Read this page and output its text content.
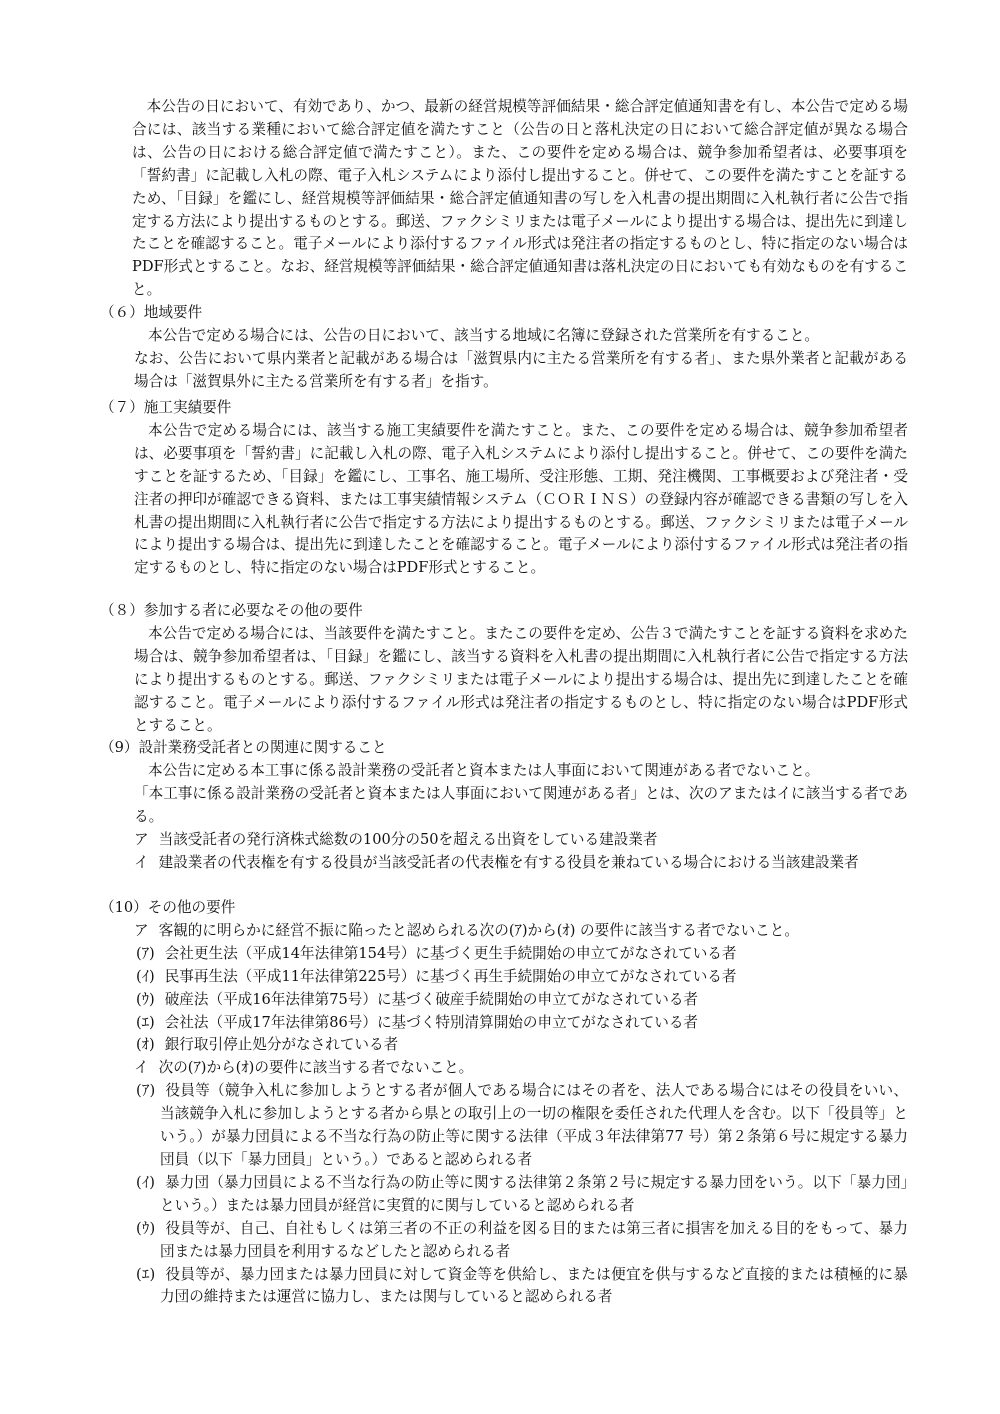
本公告の日において、有効であり、かつ、最新の経営規模等評価結果・総合評定値通知書を有し、本公告で定める場合には、該当する業種において総合評定値を満たすこと（公告の日と落札決定の日において総合評定値が異なる場合は、公告の日における総合評定値で満たすこと）。また、この要件を定める場合は、競争参加希望者は、必要事項を「誓約書」に記載し入札の際、電子入札システムにより添付し提出すること。併せて、この要件を満たすことを証するため、「目録」を鑑にし、経営規模等評価結果・総合評定値通知書の写しを入札書の提出期間に入札執行者に公告で指定する方法により提出するものとする。郵送、ファクシミリまたは電子メールにより提出する場合は、提出先に到達したことを確認すること。電子メールにより添付するファイル形式は発注者の指定するものとし、特に指定のない場合はPDF形式とすること。なお、経営規模等評価結果・総合評定値通知書は落札決定の日においても有効なものを有すること。

（６）地域要件

本公告で定める場合には、公告の日において、該当する地域に名簿に登録された営業所を有すること。

なお、公告において県内業者と記載がある場合は「滋賀県内に主たる営業所を有する者」、また県外業者と記載がある場合は「滋賀県外に主たる営業所を有する者」を指す。

（７）施工実績要件

本公告で定める場合には、該当する施工実績要件を満たすこと。また、この要件を定める場合は、競争参加希望者は、必要事項を「誓約書」に記載し入札の際、電子入札システムにより添付し提出すること。併せて、この要件を満たすことを証するため、「目録」を鑑にし、工事名、施工場所、受注形態、工期、発注機関、工事概要および発注者・受注者の押印が確認できる資料、または工事実績情報システム（ＣＯＲＩＮＳ）の登録内容が確認できる書類の写しを入札書の提出期間に入札執行者に公告で指定する方法により提出するものとする。郵送、ファクシミリまたは電子メールにより提出する場合は、提出先に到達したことを確認すること。電子メールにより添付するファイル形式は発注者の指定するものとし、特に指定のない場合はPDF形式とすること。

（８）参加する者に必要なその他の要件

本公告で定める場合には、当該要件を満たすこと。またこの要件を定め、公告３で満たすことを証する資料を求めた場合は、競争参加希望者は、「目録」を鑑にし、該当する資料を入札書の提出期間に入札執行者に公告で指定する方法により提出するものとする。郵送、ファクシミリまたは電子メールにより提出する場合は、提出先に到達したことを確認すること。電子メールにより添付するファイル形式は発注者の指定するものとし、特に指定のない場合はPDF形式とすること。

（9）設計業務受託者との関連に関すること

本公告に定める本工事に係る設計業務の受託者と資本または人事面において関連がある者でないこと。

「本工事に係る設計業務の受託者と資本または人事面において関連がある者」とは、次のアまたはイに該当する者である。

ア 当該受託者の発行済株式総数の100分の50を超える出資をしている建設業者

イ 建設業者の代表権を有する役員が当該受託者の代表権を有する役員を兼ねている場合における当該建設業者

（10）その他の要件

ア 客観的に明らかに経営不振に陥ったと認められる次の(ｱ)から(ｵ) の要件に該当する者でないこと。

(ｱ) 会社更生法（平成14年法律第154号）に基づく更生手続開始の申立てがなされている者

(ｲ) 民事再生法（平成11年法律第225号）に基づく再生手続開始の申立てがなされている者

(ｳ) 破産法（平成16年法律第75号）に基づく破産手続開始の申立てがなされている者

(ｴ) 会社法（平成17年法律第86号）に基づく特別清算開始の申立てがなされている者

(ｵ) 銀行取引停止処分がなされている者

イ 次の(ｱ)から(ｵ)の要件に該当する者でないこと。

(ｱ) 役員等（競争入札に参加しようとする者が個人である場合にはその者を、法人である場合にはその役員をいい、当該競争入札に参加しようとする者から県との取引上の一切の権限を委任された代理人を含む。以下「役員等」という。）が暴力団員による不当な行為の防止等に関する法律（平成３年法律第77 号）第２条第６号に規定する暴力団員（以下「暴力団員」という。）であると認められる者

(ｲ) 暴力団（暴力団員による不当な行為の防止等に関する法律第２条第２号に規定する暴力団をいう。以下「暴力団」という。）または暴力団員が経営に実質的に関与していると認められる者

(ｳ) 役員等が、自己、自社もしくは第三者の不正の利益を図る目的または第三者に損害を加える目的をもって、暴力団または暴力団員を利用するなどしたと認められる者

(ｴ) 役員等が、暴力団または暴力団員に対して資金等を供給し、または便宜を供与するなど直接的または積極的に暴力団の維持または運営に協力し、または関与していると認められる者
